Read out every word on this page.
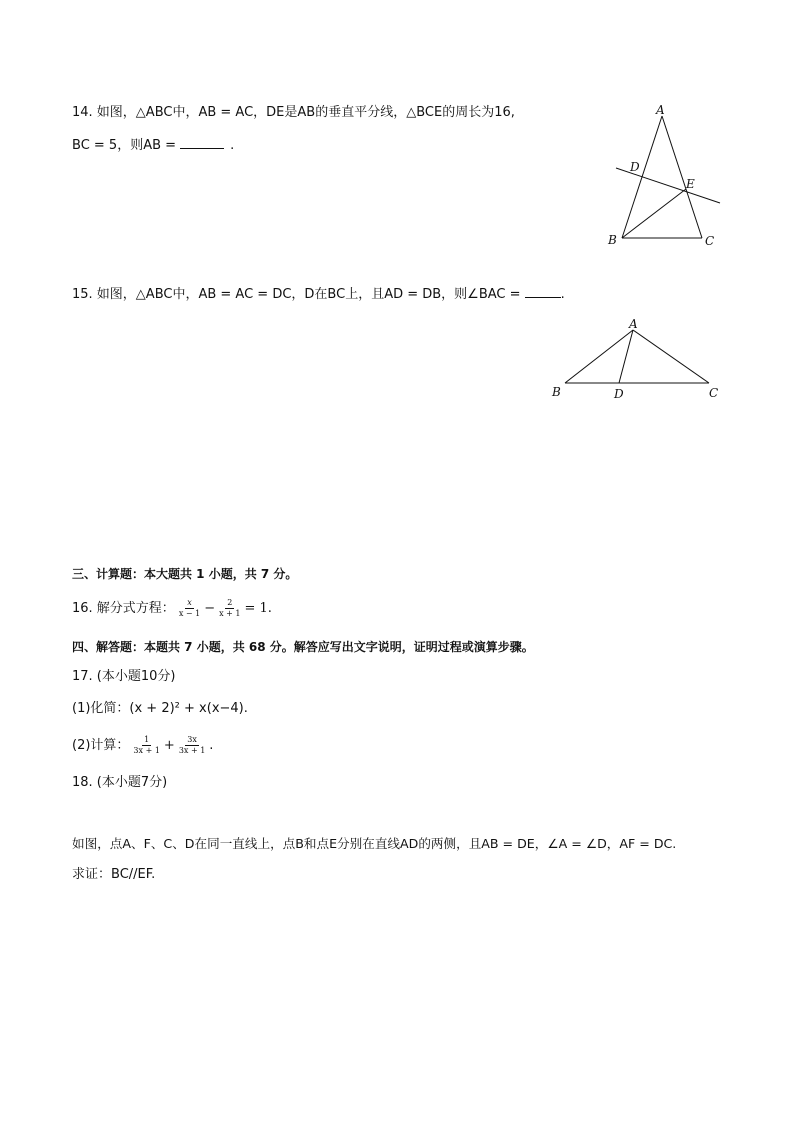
14. 如图，△ABC中，AB = AC，DE是AB的垂直平分线，△BCE的周长为16,
BC = 5，则AB =	.
A
D
E
B	C
15. 如图，△ABC中，AB = AC = DC，D在BC上，且AD = DB，则∠BAC =	.
A
B	D	C
三、计算题：本大题共 1 小题，共 7 分。
16. 解分式方程： $\frac{x}{x - 1} - \frac{2}{x + 1} = 1$.
四、解答题：本题共 7 小题，共 68 分。解答应写出文字说明，证明过程或演算步骤。
17. (本小题10分)
(1)化简：(x + 2)² + x(x−4).
(2)计算： $\frac{1}{3x + 1} + \frac{3x}{3x + 1}$ .
18. (本小题7分)
如图，点A、F、C、D在同一直线上，点B和点E分别在直线AD的两侧，且AB = DE，∠A = ∠D，AF = DC.
求证：BC//EF.
